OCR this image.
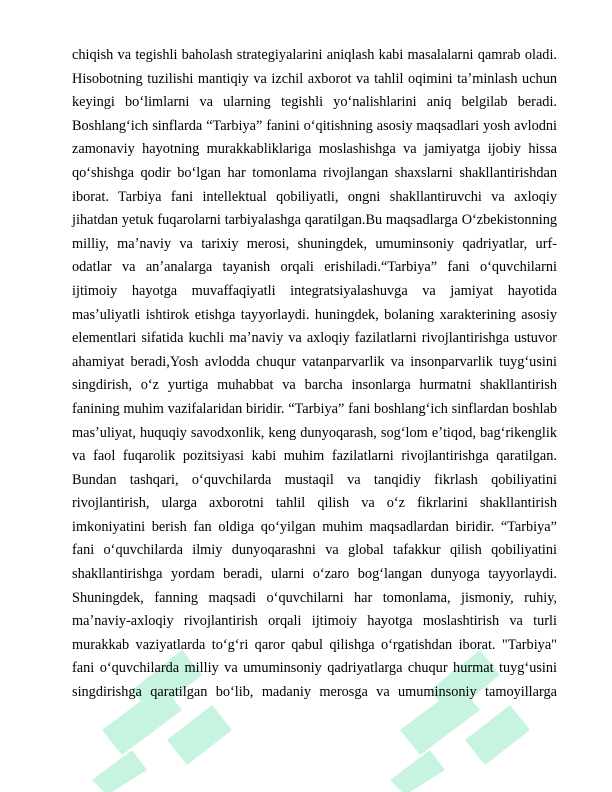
chiqish va tegishli baholash strategiyalarini aniqlash kabi masalalarni qamrab oladi. Hisobotning tuzilishi mantiqiy va izchil axborot va tahlil oqimini taʼminlash uchun keyingi boʻlimlarni va ularning tegishli yoʻnalishlarini aniq belgilab beradi. Boshlangʻich sinflarda “Tarbiya” fanini oʻqitishning asosiy maqsadlari yosh avlodni zamonaviy hayotning murakkabliklariga moslashishga va jamiyatga ijobiy hissa qoʻshishga qodir boʻlgan har tomonlama rivojlangan shaxslarni shakllantirishdan iborat. Tarbiya fani intellektual qobiliyatli, ongni shakllantiruvchi va axloqiy jihatdan yetuk fuqarolarni tarbiyalashga qaratilgan.Bu maqsadlarga Oʻzbekistonning milliy, maʼnaviy va tarixiy merosi, shuningdek, umuminsoniy qadriyatlar, urf-odatlar va anʼanalarga tayanish orqali erishiladi.“Tarbiya” fani oʻquvchilarni ijtimoiy hayotga muvaffaqiyatli integratsiyalashuvga va jamiyat hayotida masʼuliyatli ishtirok etishga tayyorlaydi. huningdek, bolaning xarakterining asosiy elementlari sifatida kuchli maʼnaviy va axloqiy fazilatlarni rivojlantirishga ustuvor ahamiyat beradi,Yosh avlodda chuqur vatanparvarlik va insonparvarlik tuygʻusini singdirish, oʻz yurtiga muhabbat va barcha insonlarga hurmatni shakllantirish fanining muhim vazifalaridan biridir. “Tarbiya” fani boshlangʻich sinflardan boshlab masʼuliyat, huquqiy savodxonlik, keng dunyoqarash, sogʻlom eʼtiqod, bagʻrikenglik va faol fuqarolik pozitsiyasi kabi muhim fazilatlarni rivojlantirishga qaratilgan. Bundan tashqari, oʻquvchilarda mustaqil va tanqidiy fikrlash qobiliyatini rivojlantirish, ularga axborotni tahlil qilish va oʻz fikrlarini shakllantirish imkoniyatini berish fan oldiga qoʻyilgan muhim maqsadlardan biridir. “Tarbiya” fani oʻquvchilarda ilmiy dunyoqarashni va global tafakkur qilish qobiliyatini shakllantirishga yordam beradi, ularni oʻzaro bogʻlangan dunyoga tayyorlaydi. Shuningdek, fanning maqsadi oʻquvchilarni har tomonlama, jismoniy, ruhiy, maʼnaviy-axloqiy rivojlantirish orqali ijtimoiy hayotga moslashtirish va turli murakkab vaziyatlarda toʻgʻri qaror qabul qilishga oʻrgatishdan iborat. "Tarbiya" fani oʻquvchilarda milliy va umuminsoniy qadriyatlarga chuqur hurmat tuygʻusini singdirishga qaratilgan boʻlib, madaniy merosga va umuminsoniy tamoyillarga
